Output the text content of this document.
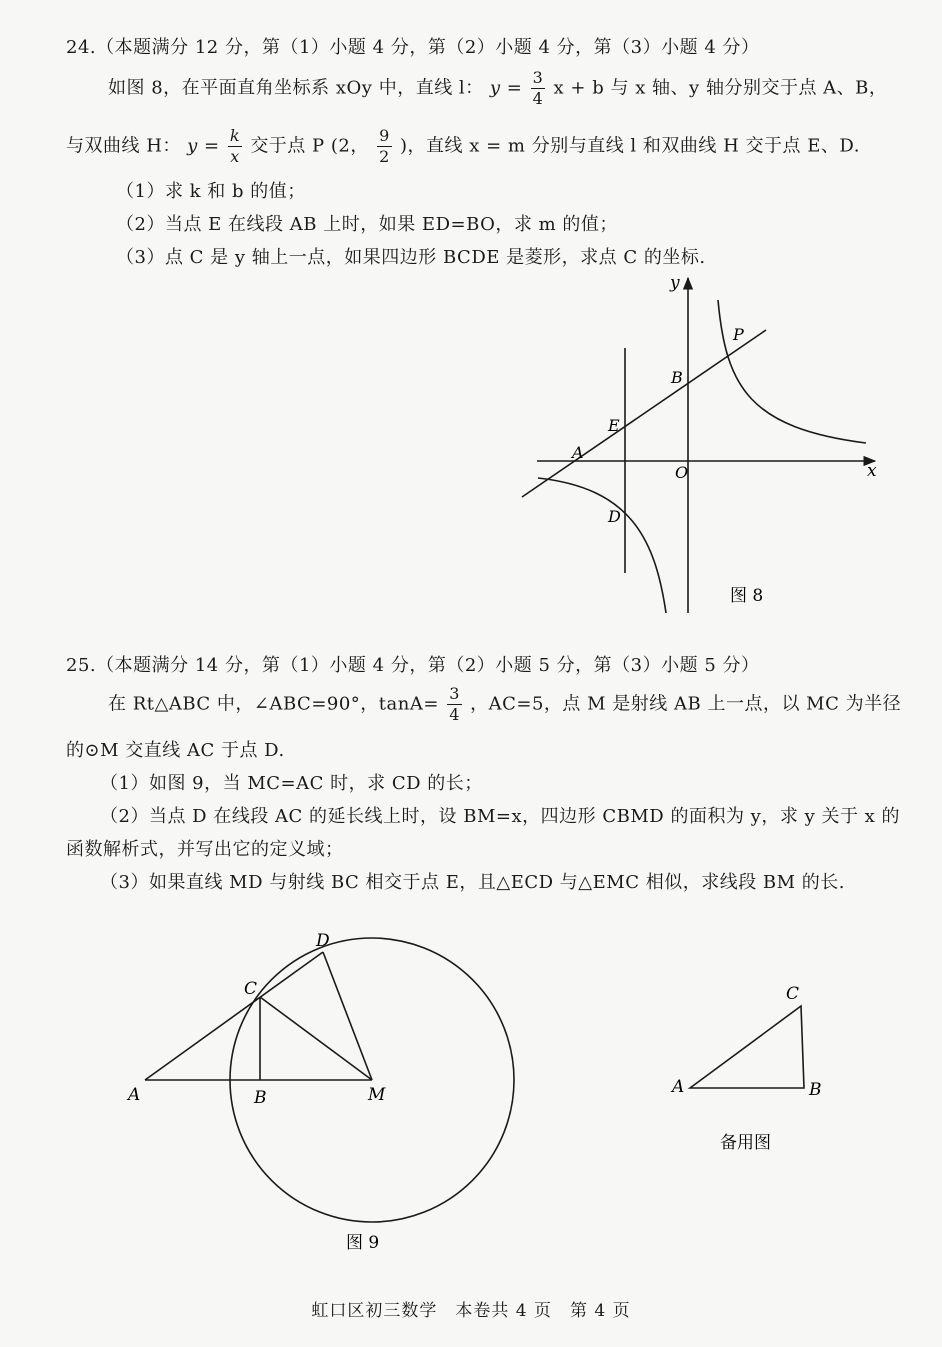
24.（本题满分 12 分，第（1）小题 4 分，第（2）小题 4 分，第（3）小题 4 分）
如图 8，在平面直角坐标系 xOy 中，直线 l： $y = \frac{3}{4}$ x + b 与 x 轴、y 轴分别交于点 A、B，
与双曲线 H： $y = \frac{k}{x}$ 交于点 P (2， $\frac{9}{2}$ )，直线 x = m 分别与直线 l 和双曲线 H 交于点 E、D.
（1）求 k 和 b 的值；
（2）当点 E 在线段 AB 上时，如果 ED=BO，求 m 的值；
（3）点 C 是 y 轴上一点，如果四边形 BCDE 是菱形，求点 C 的坐标.
y
x
O
A
B
P
E
D
图 8
25.（本题满分 14 分，第（1）小题 4 分，第（2）小题 5 分，第（3）小题 5 分）
在 Rt△ABC 中，∠ABC=90°，$\tan A= \frac{3}{4}$ ，AC=5，点 M 是射线 AB 上一点，以 MC 为半径
的⊙M 交直线 AC 于点 D.
（1）如图 9，当 MC=AC 时，求 CD 的长；
（2）当点 D 在线段 AC 的延长线上时，设 BM=x，四边形 CBMD 的面积为 y，求 y 关于 x 的
函数解析式，并写出它的定义域；
（3）如果直线 MD 与射线 BC 相交于点 E，且△ECD 与△EMC 相似，求线段 BM 的长.
A	B
C
D
M
图 9
A	B
C
备用图
虹口区初三数学　本卷共 4 页　第 4 页
